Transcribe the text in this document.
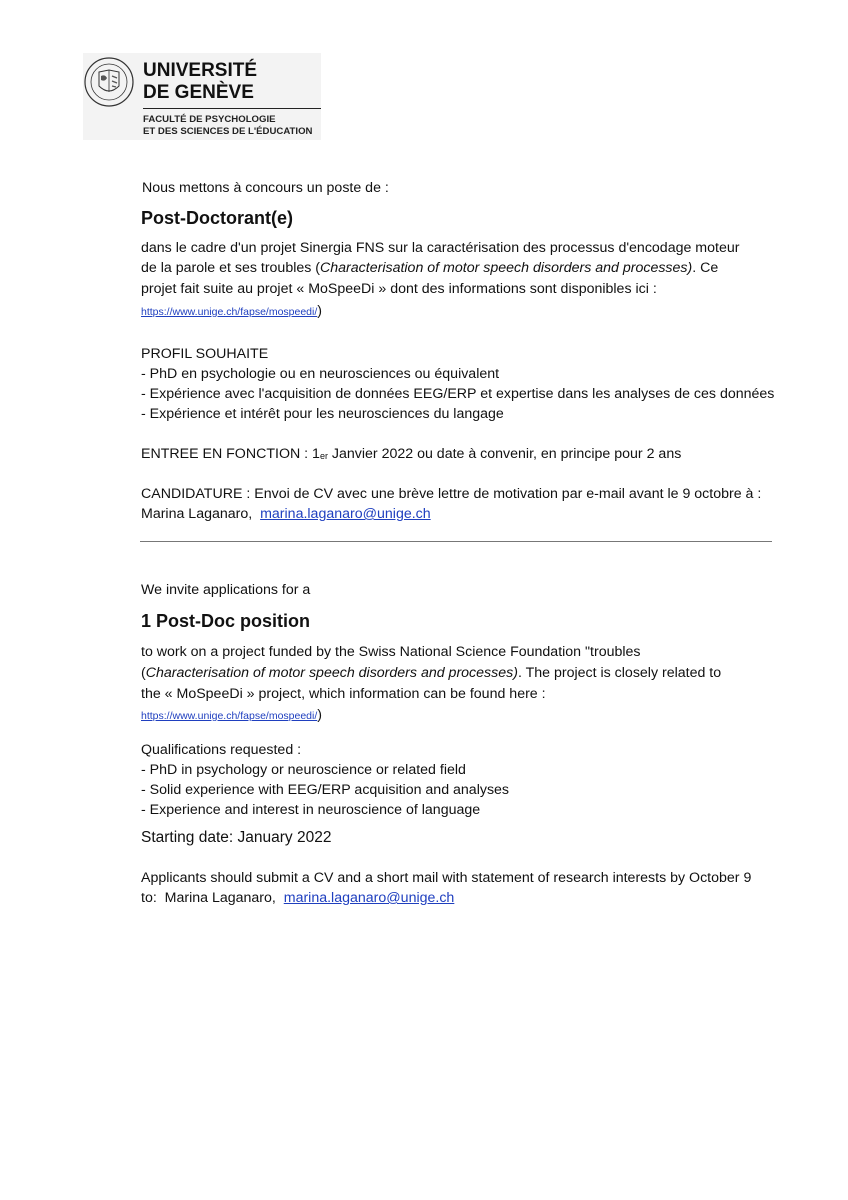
UNIVERSITÉ
DE GENÈVE
FACULTÉ DE PSYCHOLOGIE
ET DES SCIENCES DE L'ÉDUCATION
Nous mettons à concours un poste de :
Post-Doctorant(e)
dans le cadre d'un projet Sinergia FNS sur la caractérisation des processus d'encodage moteur
de la parole et ses troubles (Characterisation of motor speech disorders and processes). Ce
projet fait suite au projet « MoSpeeDi » dont des informations sont disponibles ici :
https://www.unige.ch/fapse/mospeedi/)
PROFIL SOUHAITE
- PhD en psychologie ou en neurosciences ou équivalent
- Expérience avec l'acquisition de données EEG/ERP et expertise dans les analyses de ces données
- Expérience et intérêt pour les neurosciences du langage
ENTREE EN FONCTION : $1_{er}$ Janvier 2022 ou date à convenir, en principe pour 2 ans
CANDIDATURE : Envoi de CV avec une brève lettre de motivation par e-mail avant le 9 octobre à :
Marina Laganaro,  marina.laganaro@unige.ch
We invite applications for a
1 Post-Doc position
to work on a project funded by the Swiss National Science Foundation "troubles
(Characterisation of motor speech disorders and processes). The project is closely related to
the « MoSpeeDi » project, which information can be found here :
https://www.unige.ch/fapse/mospeedi/)
Qualifications requested :
- PhD in psychology or neuroscience or related field
- Solid experience with EEG/ERP acquisition and analyses
- Experience and interest in neuroscience of language
Starting date: January 2022
Applicants should submit a CV and a short mail with statement of research interests by October 9
to:  Marina Laganaro,  marina.laganaro@unige.ch
